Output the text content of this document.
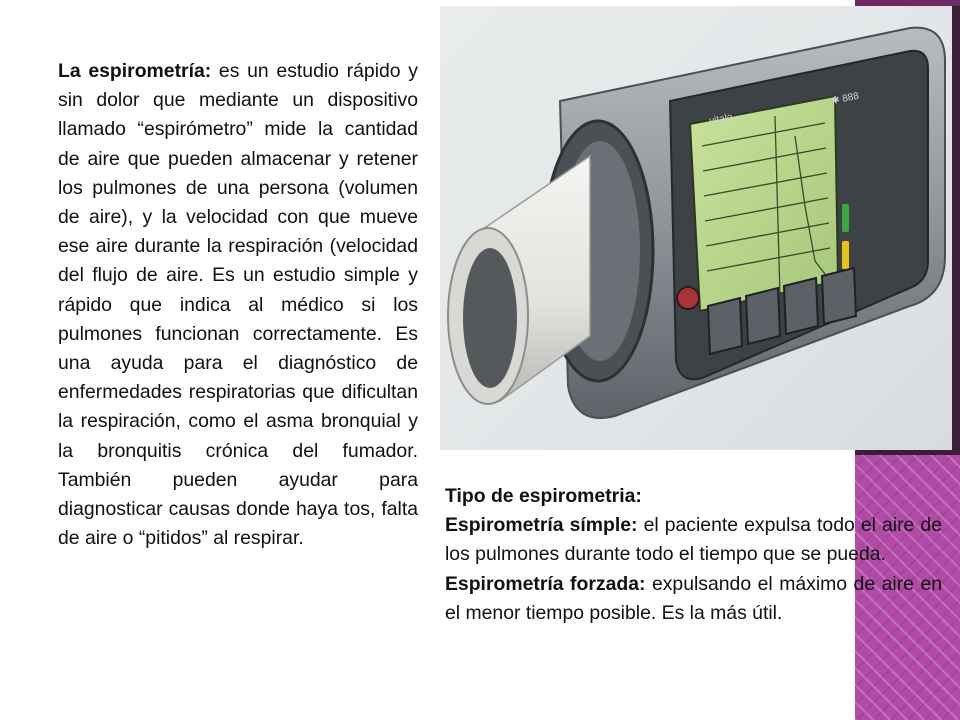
vitalo
✱ 888

La espirometría: es un estudio rápido y sin dolor que mediante un dispositivo llamado “espirómetro” mide la cantidad de aire que pueden almacenar y retener los pulmones de una persona (volumen de aire), y la velocidad con que mueve ese aire durante la respiración (velocidad del flujo de aire. Es un estudio simple y rápido que indica al médico si los pulmones funcionan correctamente. Es una ayuda para el diagnóstico de enfermedades respiratorias que dificultan la respiración, como el asma bronquial y la bronquitis crónica del fumador. También pueden ayudar para diagnosticar causas donde haya tos, falta de aire o “pitidos” al respirar.

Tipo de espirometria:

Espirometría símple: el paciente expulsa todo el aire de los pulmones durante todo el tiempo que se pueda.

Espirometría forzada: expulsando el máximo de aire en el menor tiempo posible. Es la más útil.
